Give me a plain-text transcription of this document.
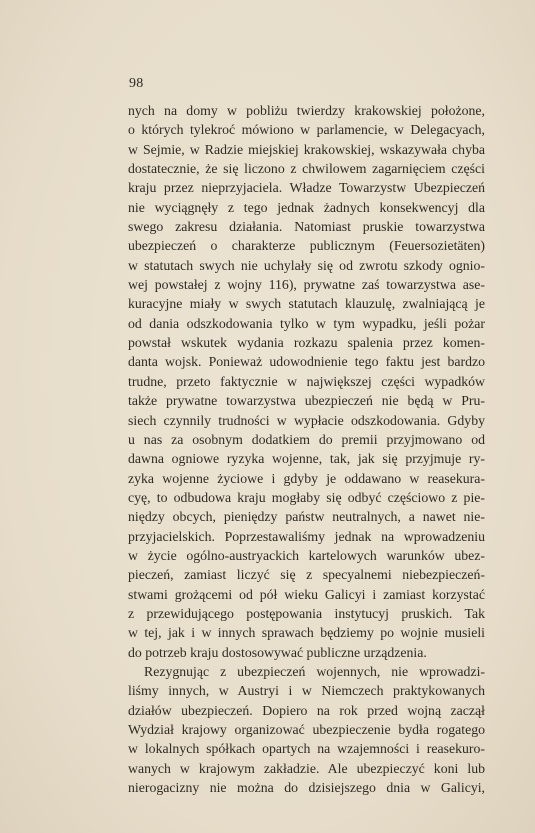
98
nych na domy w pobliżu twierdzy krakowskiej położone,
o których tylekroć mówiono w parlamencie, w Delegacyach,
w Sejmie, w Radzie miejskiej krakowskiej, wskazywała chyba
dostatecznie, że się liczono z chwilowem zagarnięciem części
kraju przez nieprzyjaciela. Władze Towarzystw Ubezpieczeń
nie wyciągnęły z tego jednak żadnych konsekwencyj dla
swego zakresu działania. Natomiast pruskie towarzystwa
ubezpieczeń o charakterze publicznym (Feuersozietäten)
w statutach swych nie uchylały się od zwrotu szkody ognio-
wej powstałej z wojny 116), prywatne zaś towarzystwa ase-
kuracyjne miały w swych statutach klauzulę, zwalniającą je
od dania odszkodowania tylko w tym wypadku, jeśli pożar
powstał wskutek wydania rozkazu spalenia przez komen-
danta wojsk. Ponieważ udowodnienie tego faktu jest bardzo
trudne, przeto faktycznie w największej części wypadków
także prywatne towarzystwa ubezpieczeń nie będą w Pru-
siech czynnily trudności w wypłacie odszkodowania. Gdyby
u nas za osobnym dodatkiem do premii przyjmowano od
dawna ogniowe ryzyka wojenne, tak, jak się przyjmuje ry-
zyka wojenne życiowe i gdyby je oddawano w reasekura-
cyę, to odbudowa kraju mogłaby się odbyć częściowo z pie-
niędzy obcych, pieniędzy państw neutralnych, a nawet nie-
przyjacielskich. Poprzestawaliśmy jednak na wprowadzeniu
w życie ogólno-austryackich kartelowych warunków ubez-
pieczeń, zamiast liczyć się z specyalnemi niebezpieczeń-
stwami grożącemi od pół wieku Galicyi i zamiast korzystać
z przewidującego postępowania instytucyj pruskich. Tak
w tej, jak i w innych sprawach będziemy po wojnie musieli
do potrzeb kraju dostosowywać publiczne urządzenia.
Rezygnując z ubezpieczeń wojennych, nie wprowadzi-
liśmy innych, w Austryi i w Niemczech praktykowanych
działów ubezpieczeń. Dopiero na rok przed wojną zaczął
Wydział krajowy organizować ubezpieczenie bydła rogatego
w lokalnych spółkach opartych na wzajemności i reasekuro-
wanych w krajowym zakładzie. Ale ubezpieczyć koni lub
nierogacizny nie można do dzisiejszego dnia w Galicyi,
